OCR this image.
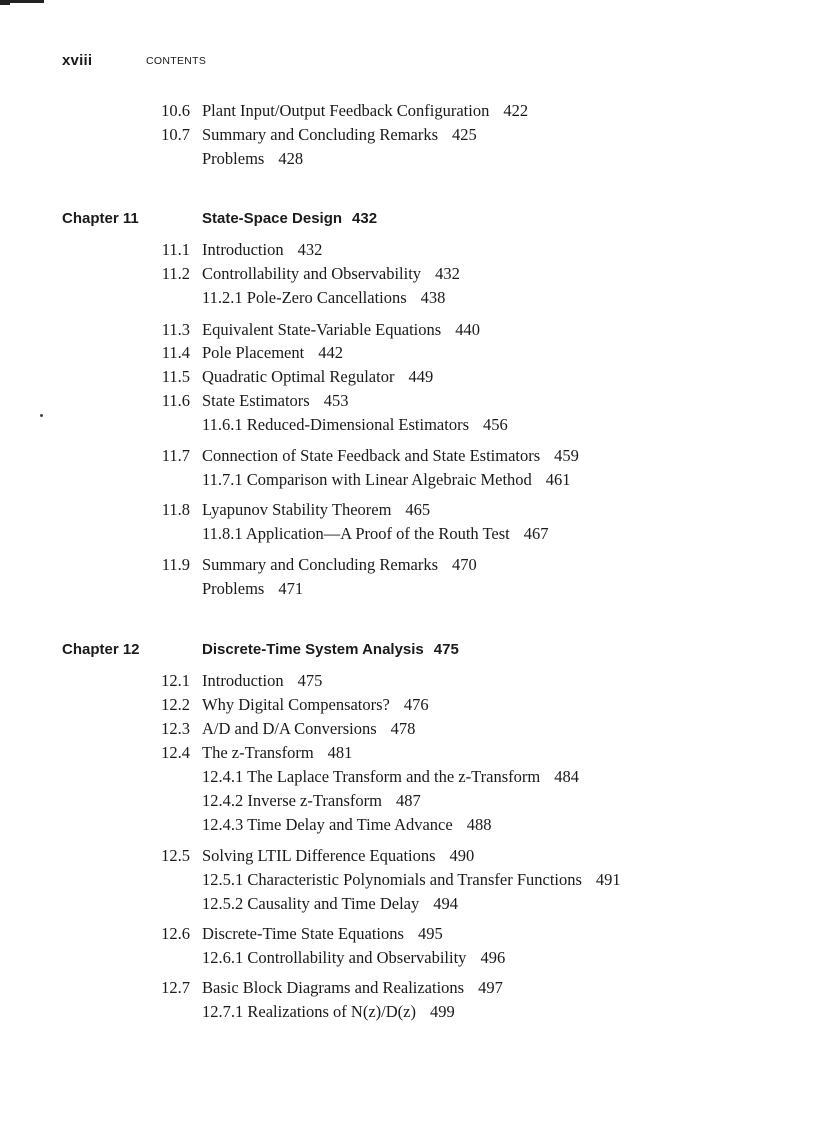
xviii	CONTENTS
10.6 Plant Input/Output Feedback Configuration 422
10.7 Summary and Concluding Remarks 425
Problems 428
Chapter 11	State-Space Design 432
11.1 Introduction 432
11.2 Controllability and Observability 432
11.2.1 Pole-Zero Cancellations 438
11.3 Equivalent State-Variable Equations 440
11.4 Pole Placement 442
11.5 Quadratic Optimal Regulator 449
11.6 State Estimators 453
11.6.1 Reduced-Dimensional Estimators 456
11.7 Connection of State Feedback and State Estimators 459
11.7.1 Comparison with Linear Algebraic Method 461
11.8 Lyapunov Stability Theorem 465
11.8.1 Application—A Proof of the Routh Test 467
11.9 Summary and Concluding Remarks 470
Problems 471
Chapter 12	Discrete-Time System Analysis 475
12.1 Introduction 475
12.2 Why Digital Compensators? 476
12.3 A/D and D/A Conversions 478
12.4 The z-Transform 481
12.4.1 The Laplace Transform and the z-Transform 484
12.4.2 Inverse z-Transform 487
12.4.3 Time Delay and Time Advance 488
12.5 Solving LTIL Difference Equations 490
12.5.1 Characteristic Polynomials and Transfer Functions 491
12.5.2 Causality and Time Delay 494
12.6 Discrete-Time State Equations 495
12.6.1 Controllability and Observability 496
12.7 Basic Block Diagrams and Realizations 497
12.7.1 Realizations of N(z)/D(z) 499
